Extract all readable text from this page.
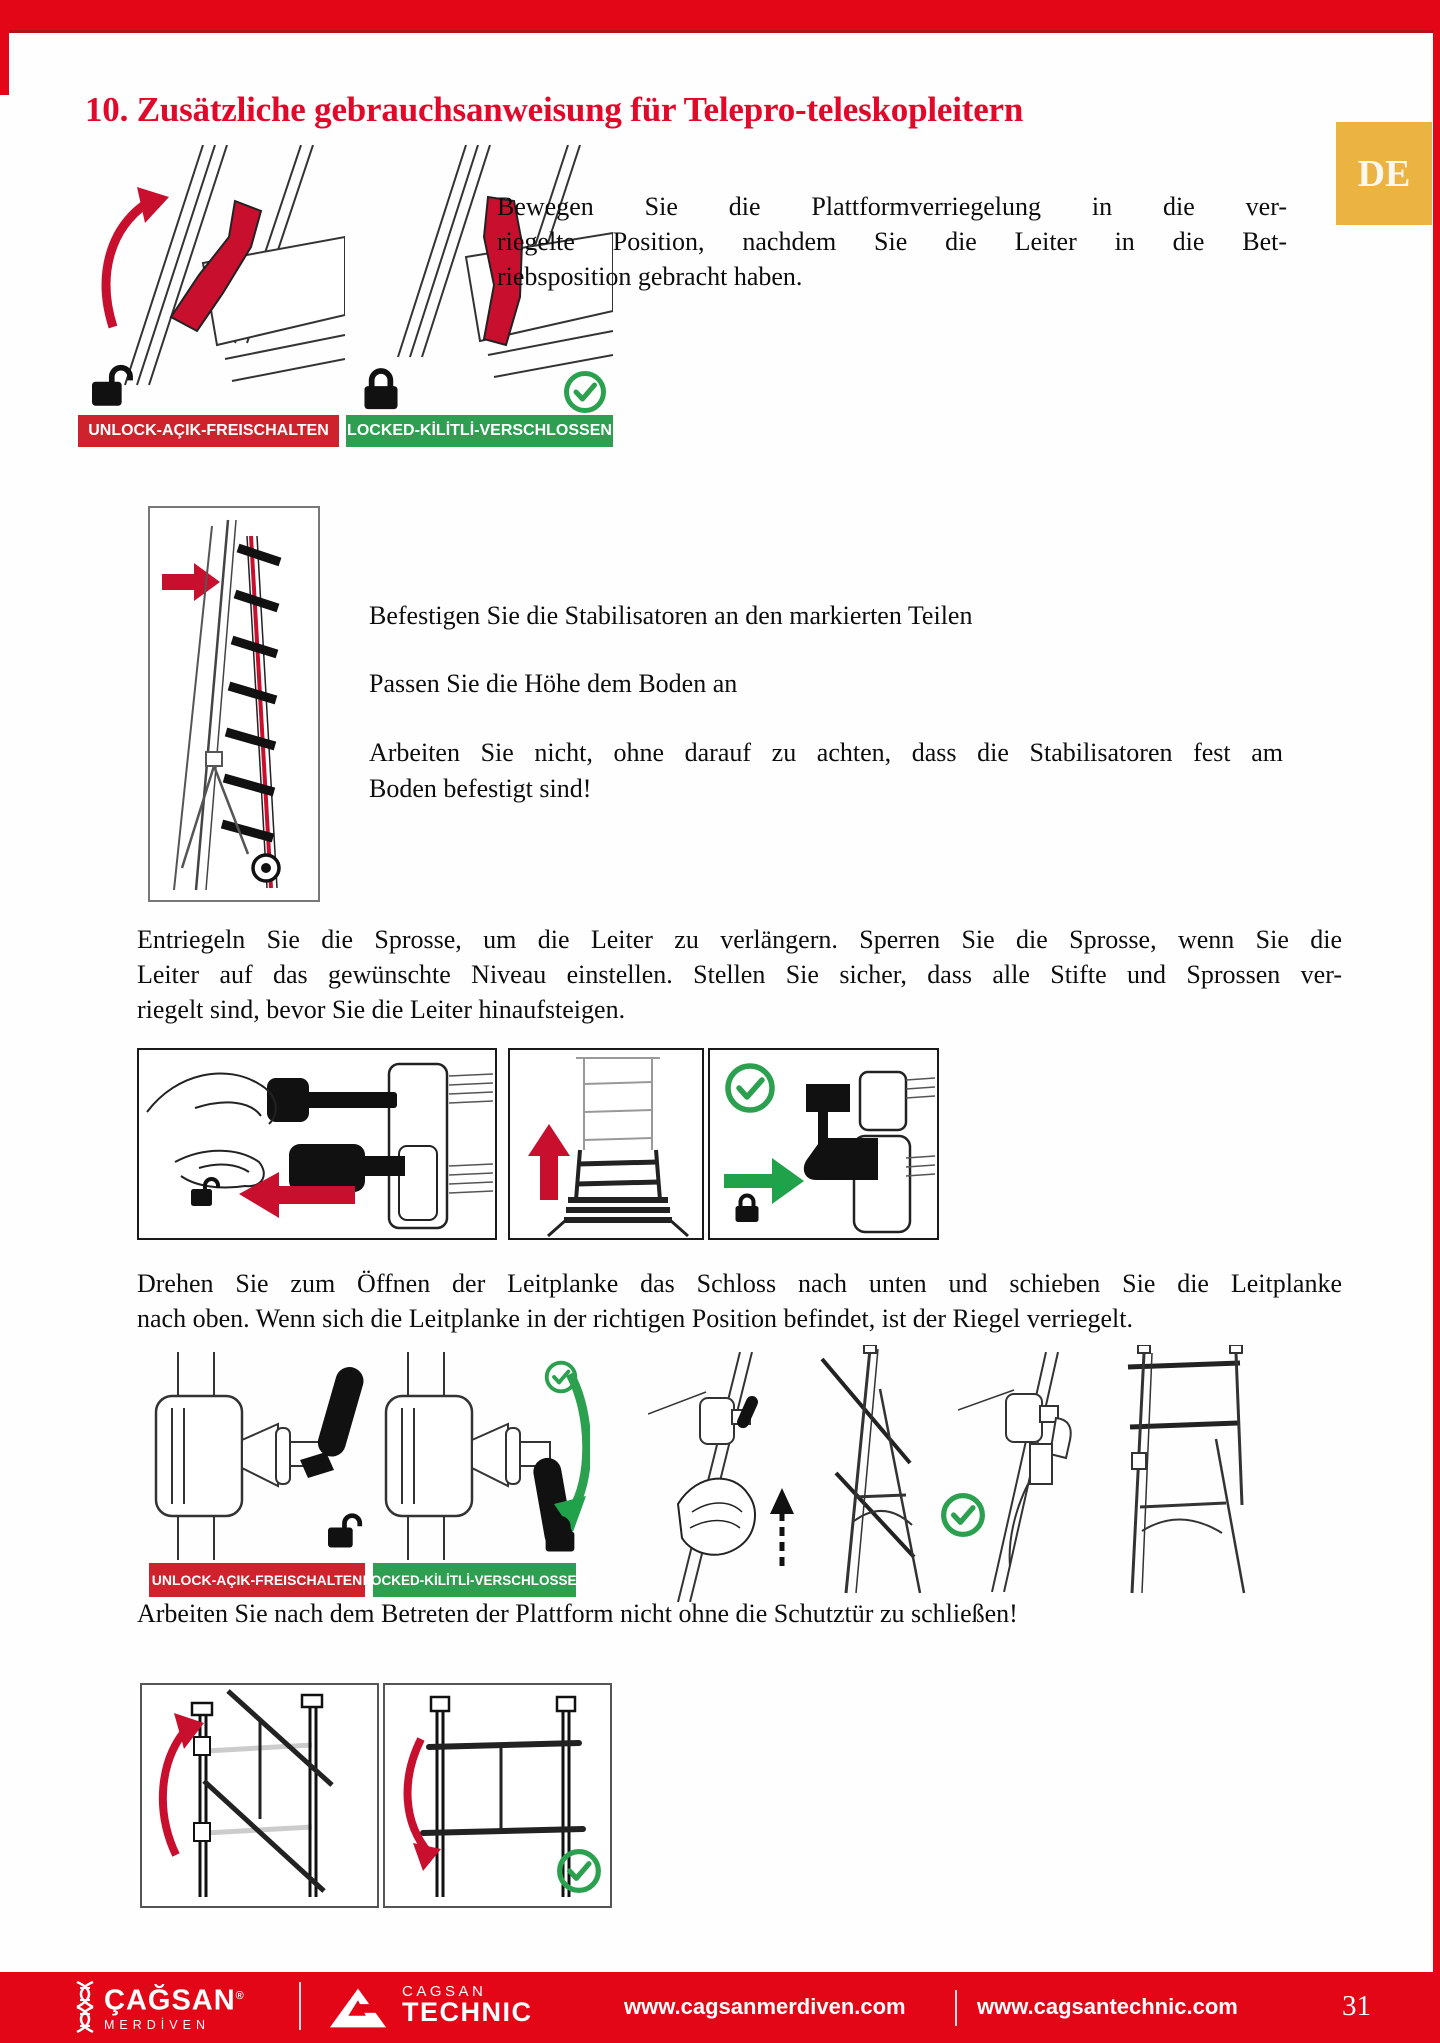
10. Zusätzliche gebrauchsanweisung für Telepro-teleskopleitern
DE
UNLOCK-AÇIK-FREISCHALTEN LOCKED-KİLİTLİ-VERSCHLOSSEN
Bewegen Sie die Plattformverriegelung in die ver-
riegelte Position, nachdem Sie die Leiter in die Bet-
riebsposition gebracht haben.
Befestigen Sie die Stabilisatoren an den markierten Teilen
Passen Sie die Höhe dem Boden an
Arbeiten Sie nicht, ohne darauf zu achten, dass die Stabilisatoren fest am
Boden befestigt sind!
Entriegeln Sie die Sprosse, um die Leiter zu verlängern. Sperren Sie die Sprosse, wenn Sie die
Leiter auf das gewünschte Niveau einstellen. Stellen Sie sicher, dass alle Stifte und Sprossen ver-
riegelt sind, bevor Sie die Leiter hinaufsteigen.
Drehen Sie zum Öffnen der Leitplanke das Schloss nach unten und schieben Sie die Leitplanke
nach oben. Wenn sich die Leitplanke in der richtigen Position befindet, ist der Riegel verriegelt.
UNLOCK-AÇIK-FREISCHALTEN LOCKED-KİLİTLİ-VERSCHLOSSEN
Arbeiten Sie nach dem Betreten der Plattform nicht ohne die Schutztür zu schließen!
ÇAĞSAN®
MERDİVEN
CAGSAN
TECHNIC	www.cagsanmerdiven.com	www.cagsantechnic.com	31
